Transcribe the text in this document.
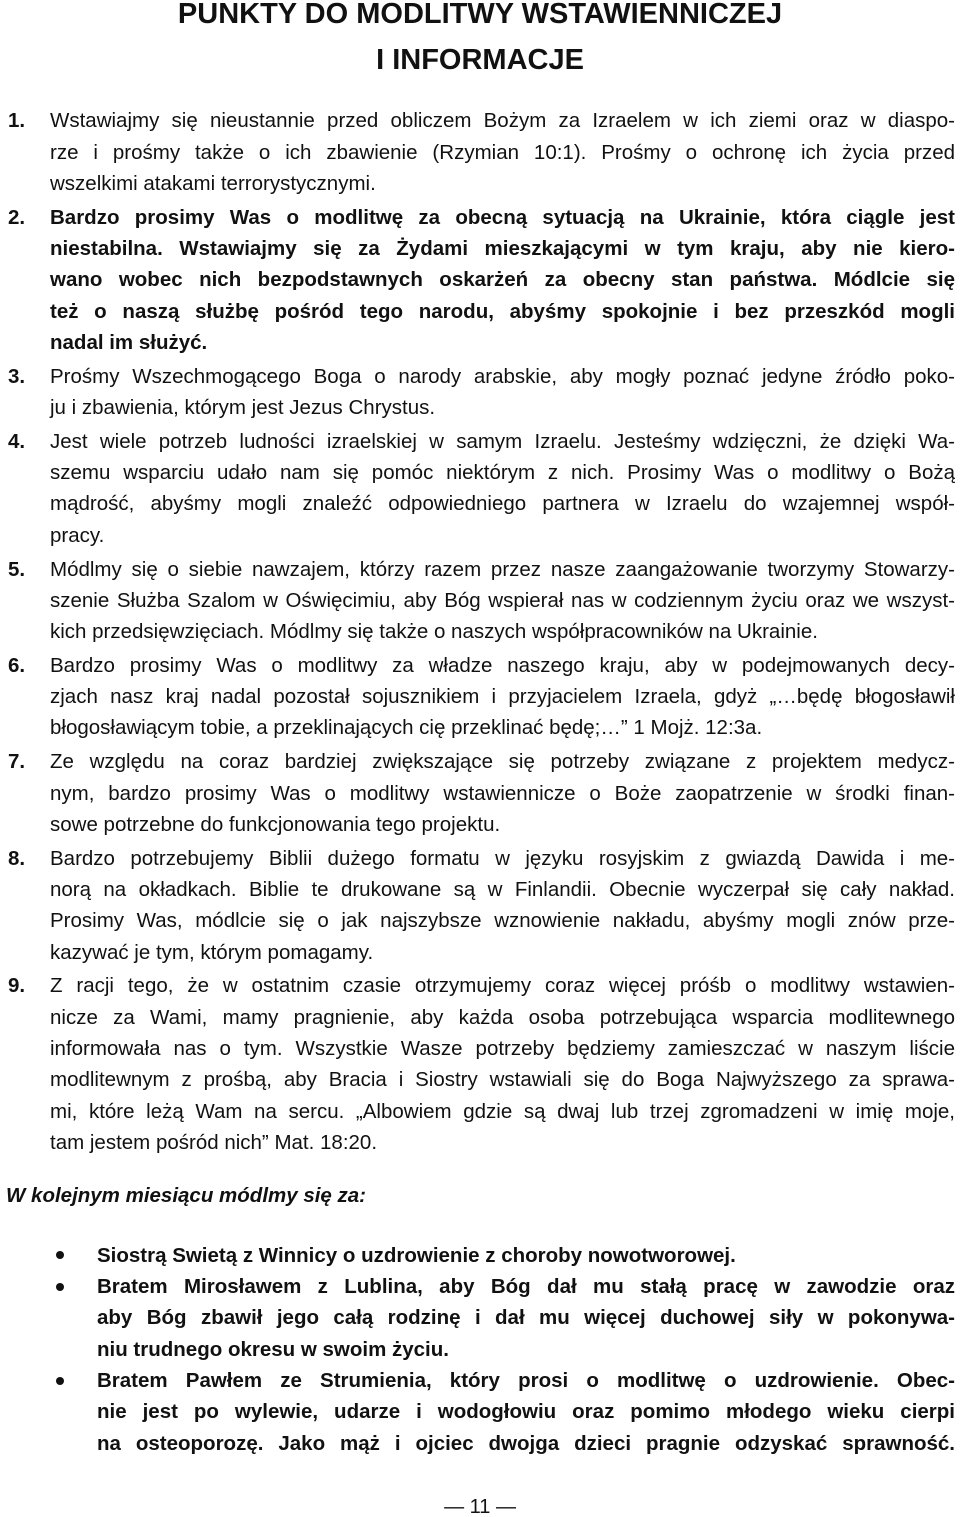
PUNKTY DO MODLITWY WSTAWIENNICZEJ
I INFORMACJE
1.	Wstawiajmy się nieustannie przed obliczem Bożym za Izraelem w ich ziemi oraz w diaspo-
rze i prośmy także o ich zbawienie (Rzymian 10:1). Prośmy o ochronę ich życia przed
wszelkimi atakami terrorystycznymi.
2.	Bardzo prosimy Was o modlitwę za obecną sytuacją na Ukrainie, która ciągle jest
niestabilna. Wstawiajmy się za Żydami mieszkającymi w tym kraju, aby nie kiero-
wano wobec nich bezpodstawnych oskarżeń za obecny stan państwa. Módlcie się
też o naszą służbę pośród tego narodu, abyśmy spokojnie i bez przeszkód mogli
nadal im służyć.
3.	Prośmy Wszechmogącego Boga o narody arabskie, aby mogły poznać jedyne źródło poko-
ju i zbawienia, którym jest Jezus Chrystus.
4.	Jest wiele potrzeb ludności izraelskiej w samym Izraelu. Jesteśmy wdzięczni, że dzięki Wa-
szemu wsparciu udało nam się pomóc niektórym z nich. Prosimy Was o modlitwy o Bożą
mądrość, abyśmy mogli znaleźć odpowiedniego partnera w Izraelu do wzajemnej współ-
pracy.
5.	Módlmy się o siebie nawzajem, którzy razem przez nasze zaangażowanie tworzymy Stowarzy-
szenie Służba Szalom w Oświęcimiu, aby Bóg wspierał nas w codziennym życiu oraz we wszyst-
kich przedsięwzięciach. Módlmy się także o naszych współpracowników na Ukrainie.
6.	Bardzo prosimy Was o modlitwy za władze naszego kraju, aby w podejmowanych decy-
zjach nasz kraj nadal pozostał sojusznikiem i przyjacielem Izraela, gdyż „…będę błogosławił
błogosławiącym tobie, a przeklinających cię przeklinać będę;…” 1 Mojż. 12:3a.
7.	Ze względu na coraz bardziej zwiększające się potrzeby związane z projektem medycz-
nym, bardzo prosimy Was o modlitwy wstawiennicze o Boże zaopatrzenie w środki finan-
sowe potrzebne do funkcjonowania tego projektu.
8.	Bardzo potrzebujemy Biblii dużego formatu w języku rosyjskim z gwiazdą Dawida i me-
norą na okładkach. Biblie te drukowane są w Finlandii. Obecnie wyczerpał się cały nakład.
Prosimy Was, módlcie się o jak najszybsze wznowienie nakładu, abyśmy mogli znów prze-
kazywać je tym, którym pomagamy.
9.	Z racji tego, że w ostatnim czasie otrzymujemy coraz więcej próśb o modlitwy wstawien-
nicze za Wami, mamy pragnienie, aby każda osoba potrzebująca wsparcia modlitewnego
informowała nas o tym. Wszystkie Wasze potrzeby będziemy zamieszczać w naszym liście
modlitewnym z prośbą, aby Bracia i Siostry wstawiali się do Boga Najwyższego za sprawa-
mi, które leżą Wam na sercu. „Albowiem gdzie są dwaj lub trzej zgromadzeni w imię moje,
tam jestem pośród nich” Mat. 18:20.
W kolejnym miesiącu módlmy się za:
Siostrą Swietą z Winnicy o uzdrowienie z choroby nowotworowej.
Bratem Mirosławem z Lublina, aby Bóg dał mu stałą pracę w zawodzie oraz
aby Bóg zbawił jego całą rodzinę i dał mu więcej duchowej siły w pokonywa-
niu trudnego okresu w swoim życiu.
Bratem Pawłem ze Strumienia, który prosi o modlitwę o uzdrowienie. Obec-
nie jest po wylewie, udarze i wodogłowiu oraz pomimo młodego wieku cierpi
na osteoporozę. Jako mąż i ojciec dwojga dzieci pragnie odzyskać sprawność.
— 11 —
